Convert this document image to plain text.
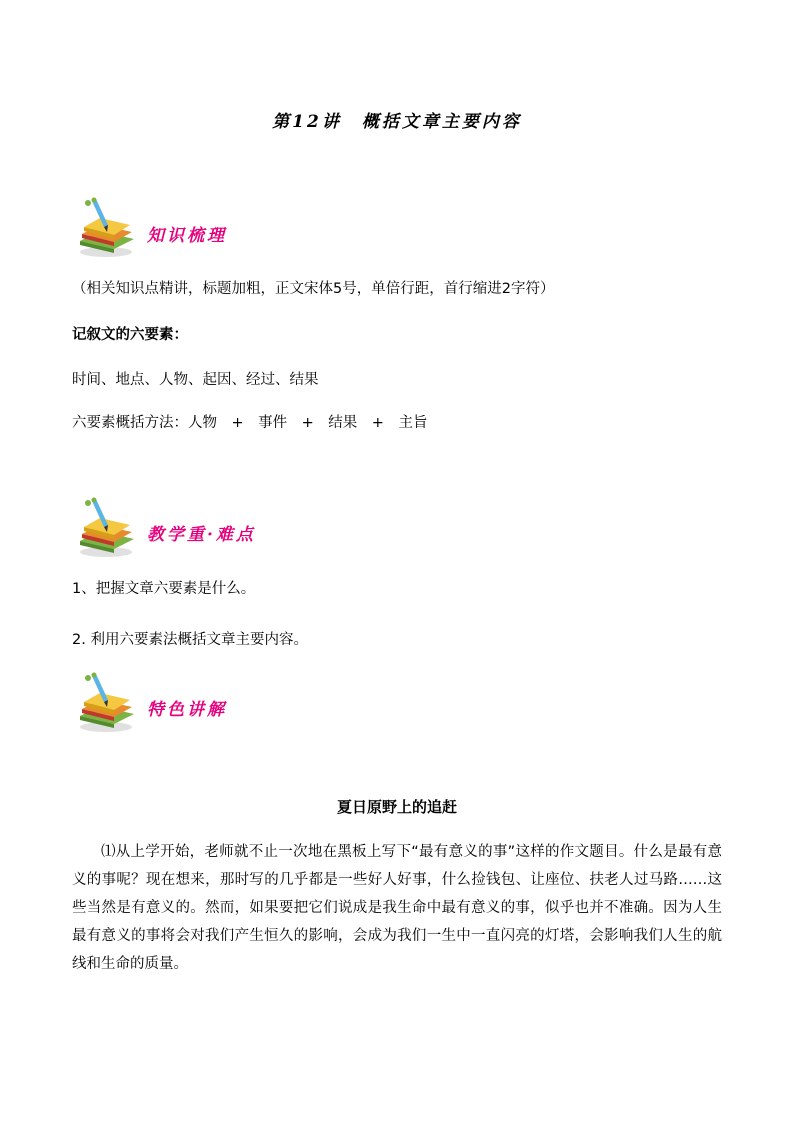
第12讲　概括文章主要内容
知识梳理
（相关知识点精讲，标题加粗，正文宋体5号，单倍行距，首行缩进2字符）
记叙文的六要素：
时间、地点、人物、起因、经过、结果
六要素概括方法：人物　+　事件　+　结果　+　主旨
教学重·难点
1、把握文章六要素是什么。
2. 利用六要素法概括文章主要内容。
特色讲解
夏日原野上的追赶
⑴从上学开始，老师就不止一次地在黑板上写下“最有意义的事”这样的作文题目。什么是最有意义的事呢？现在想来，那时写的几乎都是一些好人好事，什么捡钱包、让座位、扶老人过马路……这些当然是有意义的。然而，如果要把它们说成是我生命中最有意义的事，似乎也并不准确。因为人生最有意义的事将会对我们产生恒久的影响，会成为我们一生中一直闪亮的灯塔，会影响我们人生的航线和生命的质量。
